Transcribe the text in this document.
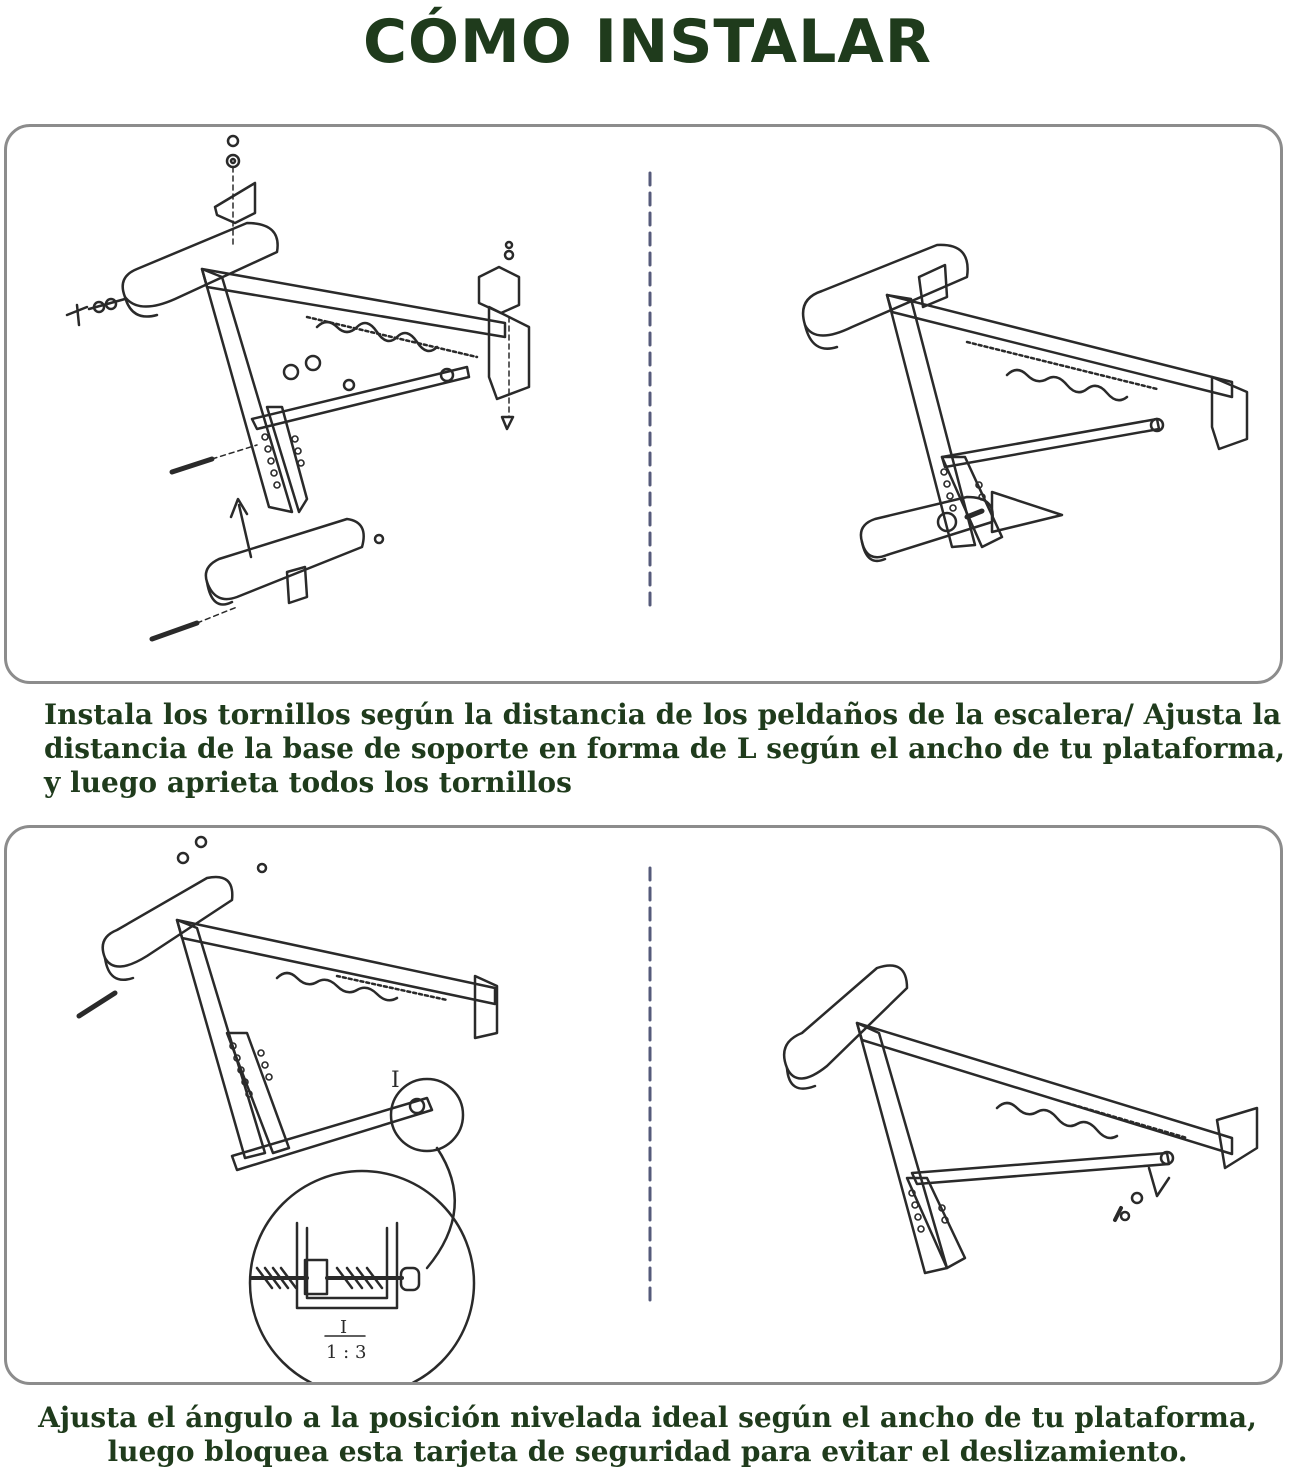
CÓMO INSTALAR
Instala los tornillos según la distancia de los peldaños de la escalera/ Ajusta la
distancia de la base de soporte en forma de L según el ancho de tu plataforma,
y luego aprieta todos los tornillos
I
I
1 : 3
Ajusta el ángulo a la posición nivelada ideal según el ancho de tu plataforma,
luego bloquea esta tarjeta de seguridad para evitar el deslizamiento.
